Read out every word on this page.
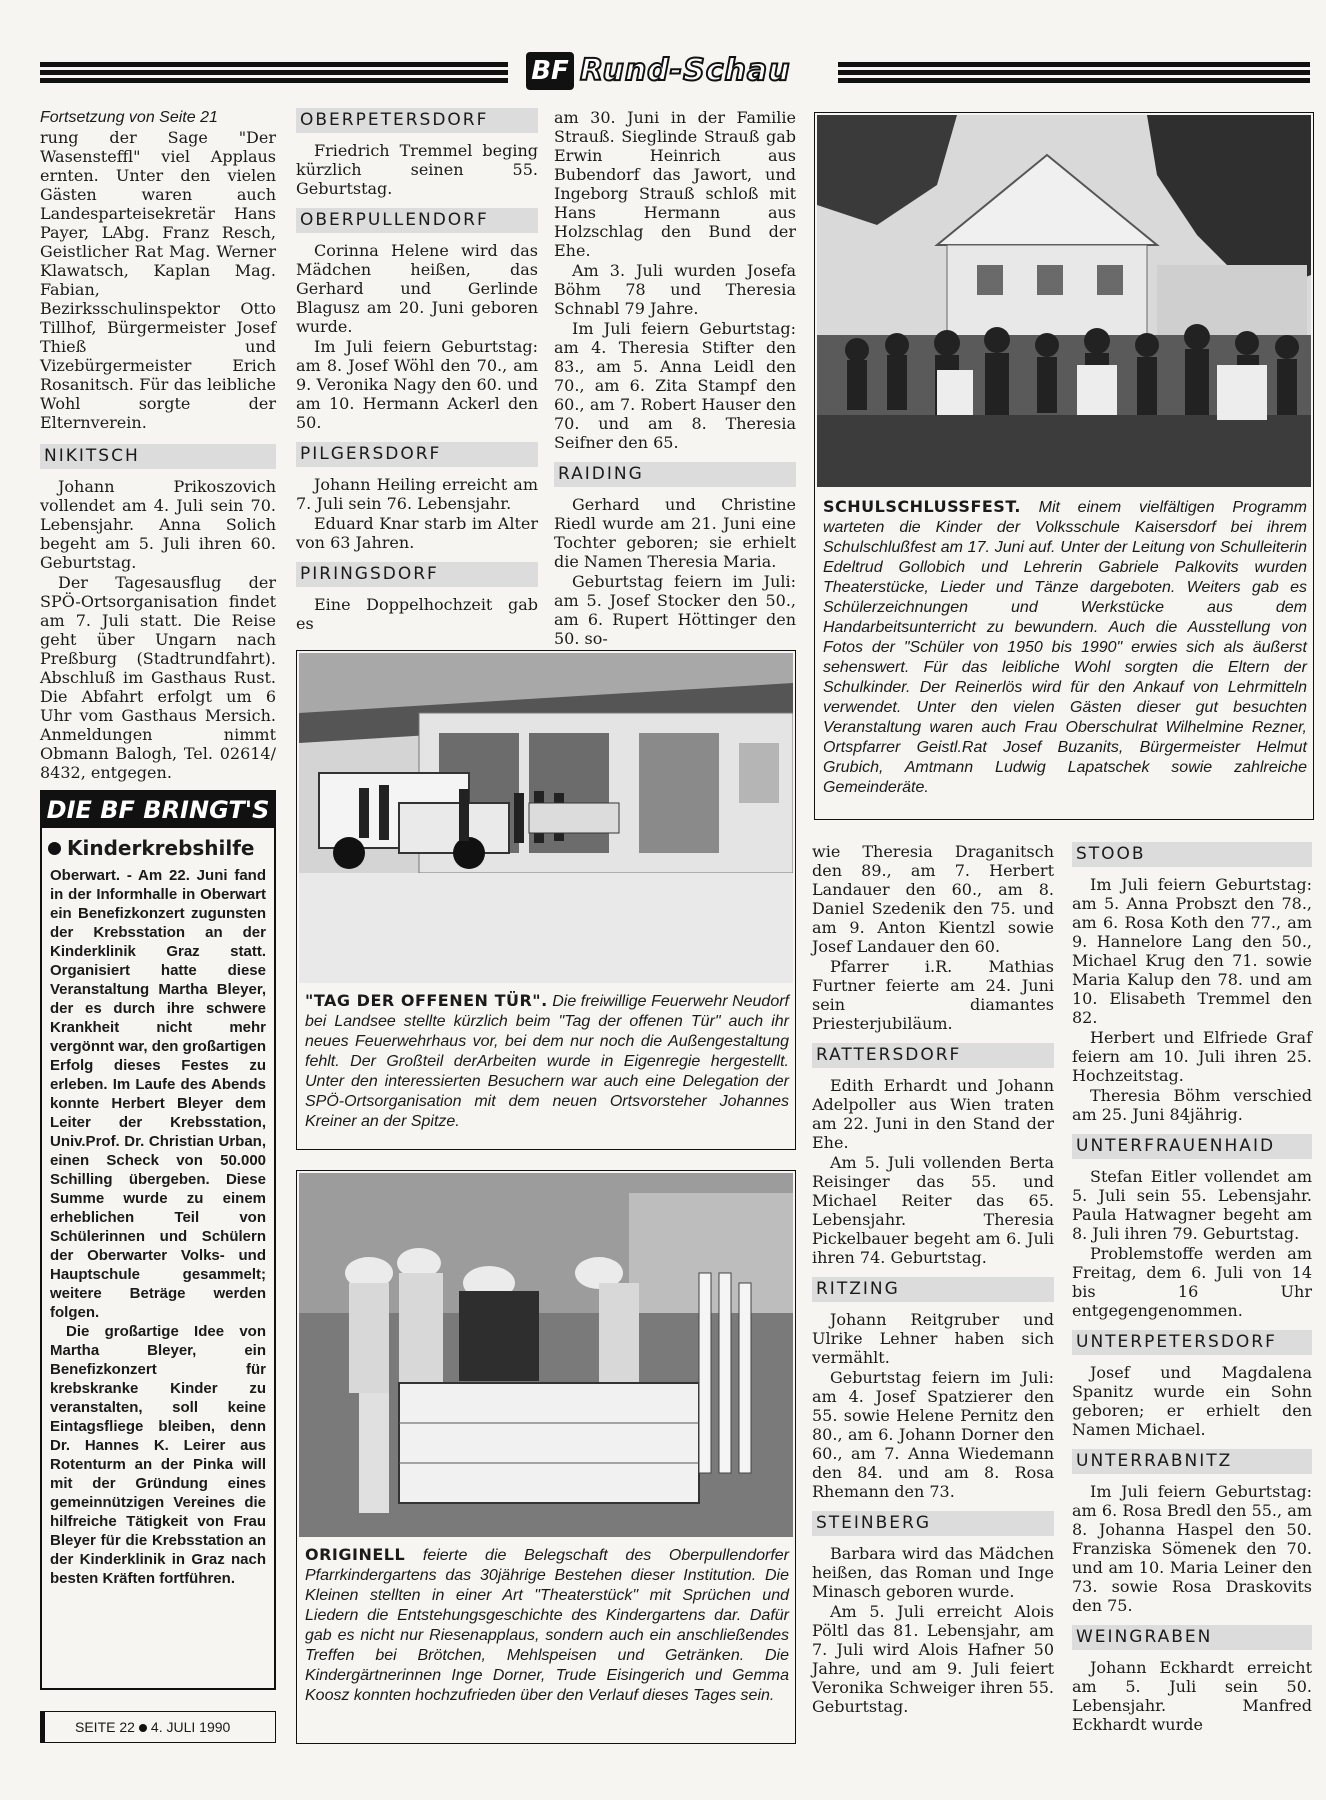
BF Rund-Schau

Fortsetzung von Seite 21

rung der Sage "Der Wasensteffl" viel Applaus ernten. Unter den vielen Gästen waren auch Landesparteisekretär Hans Payer, LAbg. Franz Resch, Geistlicher Rat Mag. Werner Klawatsch, Kaplan Mag. Fabian, Bezirksschulinspektor Otto Tillhof, Bürgermeister Josef Thieß und Vizebürgermeister Erich Rosanitsch. Für das leibliche Wohl sorgte der Elternverein.

NIKITSCH

Johann Prikoszovich vollendet am 4. Juli sein 70. Lebensjahr. Anna Solich begeht am 5. Juli ihren 60. Geburtstag.

Der Tagesausflug der SPÖ-Ortsorganisation findet am 7. Juli statt. Die Reise geht über Ungarn nach Preßburg (Stadtrundfahrt). Abschluß im Gasthaus Rust. Die Abfahrt erfolgt um 6 Uhr vom Gasthaus Mersich. Anmeldungen nimmt Obmann Balogh, Tel. 02614/ 8432, entgegen.

DIE BF BRINGT'S
Kinderkrebshilfe

Oberwart. - Am 22. Juni fand in der Informhalle in Oberwart ein Benefizkonzert zugunsten der Krebsstation an der Kinderklinik Graz statt. Organisiert hatte diese Veranstaltung Martha Bleyer, der es durch ihre schwere Krankheit nicht mehr vergönnt war, den großartigen Erfolg dieses Festes zu erleben. Im Laufe des Abends konnte Herbert Bleyer dem Leiter der Krebsstation, Univ.Prof. Dr. Christian Urban, einen Scheck von 50.000 Schilling übergeben. Diese Summe wurde zu einem erheblichen Teil von Schülerinnen und Schülern der Oberwarter Volks- und Hauptschule gesammelt; weitere Beträge werden folgen.

Die großartige Idee von Martha Bleyer, ein Benefizkonzert für krebskranke Kinder zu veranstalten, soll keine Eintagsfliege bleiben, denn Dr. Hannes K. Leirer aus Rotenturm an der Pinka will mit der Gründung eines gemeinnützigen Vereines die hilfreiche Tätigkeit von Frau Bleyer für die Krebsstation an der Kinderklinik in Graz nach besten Kräften fortführen.

SEITE 22 4. JULI 1990
OBERPETERSDORF

Friedrich Tremmel beging kürzlich seinen 55. Geburtstag.

OBERPULLENDORF

Corinna Helene wird das Mädchen heißen, das Gerhard und Gerlinde Blagusz am 20. Juni geboren wurde.

Im Juli feiern Geburtstag: am 8. Josef Wöhl den 70., am 9. Veronika Nagy den 60. und am 10. Hermann Ackerl den 50.

PILGERSDORF

Johann Heiling erreicht am 7. Juli sein 76. Lebensjahr.

Eduard Knar starb im Alter von 63 Jahren.

PIRINGSDORF

Eine Doppelhochzeit gab es

am 30. Juni in der Familie Strauß. Sieglinde Strauß gab Erwin Heinrich aus Bubendorf das Jawort, und Ingeborg Strauß schloß mit Hans Hermann aus Holzschlag den Bund der Ehe.

Am 3. Juli wurden Josefa Böhm 78 und Theresia Schnabl 79 Jahre.

Im Juli feiern Geburtstag: am 4. Theresia Stifter den 83., am 5. Anna Leidl den 70., am 6. Zita Stampf den 60., am 7. Robert Hauser den 70. und am 8. Theresia Seifner den 65.

RAIDING

Gerhard und Christine Riedl wurde am 21. Juni eine Tochter geboren; sie erhielt die Namen Theresia Maria.

Geburtstag feiern im Juli: am 5. Josef Stocker den 50., am 6. Rupert Höttinger den 50. so-

SCHULSCHLUSSFEST. Mit einem vielfältigen Programm warteten die Kinder der Volksschule Kaisersdorf bei ihrem Schulschlußfest am 17. Juni auf. Unter der Leitung von Schulleiterin Edeltrud Gollobich und Lehrerin Gabriele Palkovits wurden Theaterstücke, Lieder und Tänze dargeboten. Weiters gab es Schülerzeichnungen und Werkstücke aus dem Handarbeitsunterricht zu bewundern. Auch die Ausstellung von Fotos der "Schüler von 1950 bis 1990" erwies sich als äußerst sehenswert. Für das leibliche Wohl sorgten die Eltern der Schulkinder. Der Reinerlös wird für den Ankauf von Lehrmitteln verwendet. Unter den vielen Gästen dieser gut besuchten Veranstaltung waren auch Frau Oberschulrat Wilhelmine Rezner, Ortspfarrer Geistl.Rat Josef Buzanits, Bürgermeister Helmut Grubich, Amtmann Ludwig Lapatschek sowie zahlreiche Gemeinderäte.
"TAG DER OFFENEN TÜR". Die freiwillige Feuerwehr Neudorf bei Landsee stellte kürzlich beim "Tag der offenen Tür" auch ihr neues Feuerwehrhaus vor, bei dem nur noch die Außengestaltung fehlt. Der Großteil derArbeiten wurde in Eigenregie hergestellt. Unter den interessierten Besuchern war auch eine Delegation der SPÖ-Ortsorganisation mit dem neuen Ortsvorsteher Johannes Kreiner an der Spitze.
ORIGINELL feierte die Belegschaft des Oberpullendorfer Pfarrkindergartens das 30jährige Bestehen dieser Institution. Die Kleinen stellten in einer Art "Theaterstück" mit Sprüchen und Liedern die Entstehungsgeschichte des Kindergartens dar. Dafür gab es nicht nur Riesenapplaus, sondern auch ein anschließendes Treffen bei Brötchen, Mehlspeisen und Getränken. Die Kindergärtnerinnen Inge Dorner, Trude Eisingerich und Gemma Koosz konnten hochzufrieden über den Verlauf dieses Tages sein.

wie Theresia Draganitsch den 89., am 7. Herbert Landauer den 60., am 8. Daniel Szedenik den 75. und am 9. Anton Kientzl sowie Josef Landauer den 60.

Pfarrer i.R. Mathias Furtner feierte am 24. Juni sein diamantes Priesterjubiläum.

RATTERSDORF

Edith Erhardt und Johann Adelpoller aus Wien traten am 22. Juni in den Stand der Ehe.

Am 5. Juli vollenden Berta Reisinger das 55. und Michael Reiter das 65. Lebensjahr. Theresia Pickelbauer begeht am 6. Juli ihren 74. Geburtstag.

RITZING

Johann Reitgruber und Ulrike Lehner haben sich vermählt.

Geburtstag feiern im Juli: am 4. Josef Spatzierer den 55. sowie Helene Pernitz den 80., am 6. Johann Dorner den 60., am 7. Anna Wiedemann den 84. und am 8. Rosa Rhemann den 73.

STEINBERG

Barbara wird das Mädchen heißen, das Roman und Inge Minasch geboren wurde.

Am 5. Juli erreicht Alois Pöltl das 81. Lebensjahr, am 7. Juli wird Alois Hafner 50 Jahre, und am 9. Juli feiert Veronika Schweiger ihren 55. Geburtstag.

STOOB

Im Juli feiern Geburtstag: am 5. Anna Probszt den 78., am 6. Rosa Koth den 77., am 9. Hannelore Lang den 50., Michael Krug den 71. sowie Maria Kalup den 78. und am 10. Elisabeth Tremmel den 82.

Herbert und Elfriede Graf feiern am 10. Juli ihren 25. Hochzeitstag.

Theresia Böhm verschied am 25. Juni 84jährig.

UNTERFRAUENHAID

Stefan Eitler vollendet am 5. Juli sein 55. Lebensjahr. Paula Hatwagner begeht am 8. Juli ihren 79. Geburtstag.

Problemstoffe werden am Freitag, dem 6. Juli von 14 bis 16 Uhr entgegengenommen.

UNTERPETERSDORF

Josef und Magdalena Spanitz wurde ein Sohn geboren; er erhielt den Namen Michael.

UNTERRABNITZ

Im Juli feiern Geburtstag: am 6. Rosa Bredl den 55., am 8. Johanna Haspel den 50. Franziska Sömenek den 70. und am 10. Maria Leiner den 73. sowie Rosa Draskovits den 75.

WEINGRABEN

Johann Eckhardt erreicht am 5. Juli sein 50. Lebensjahr. Manfred Eckhardt wurde
